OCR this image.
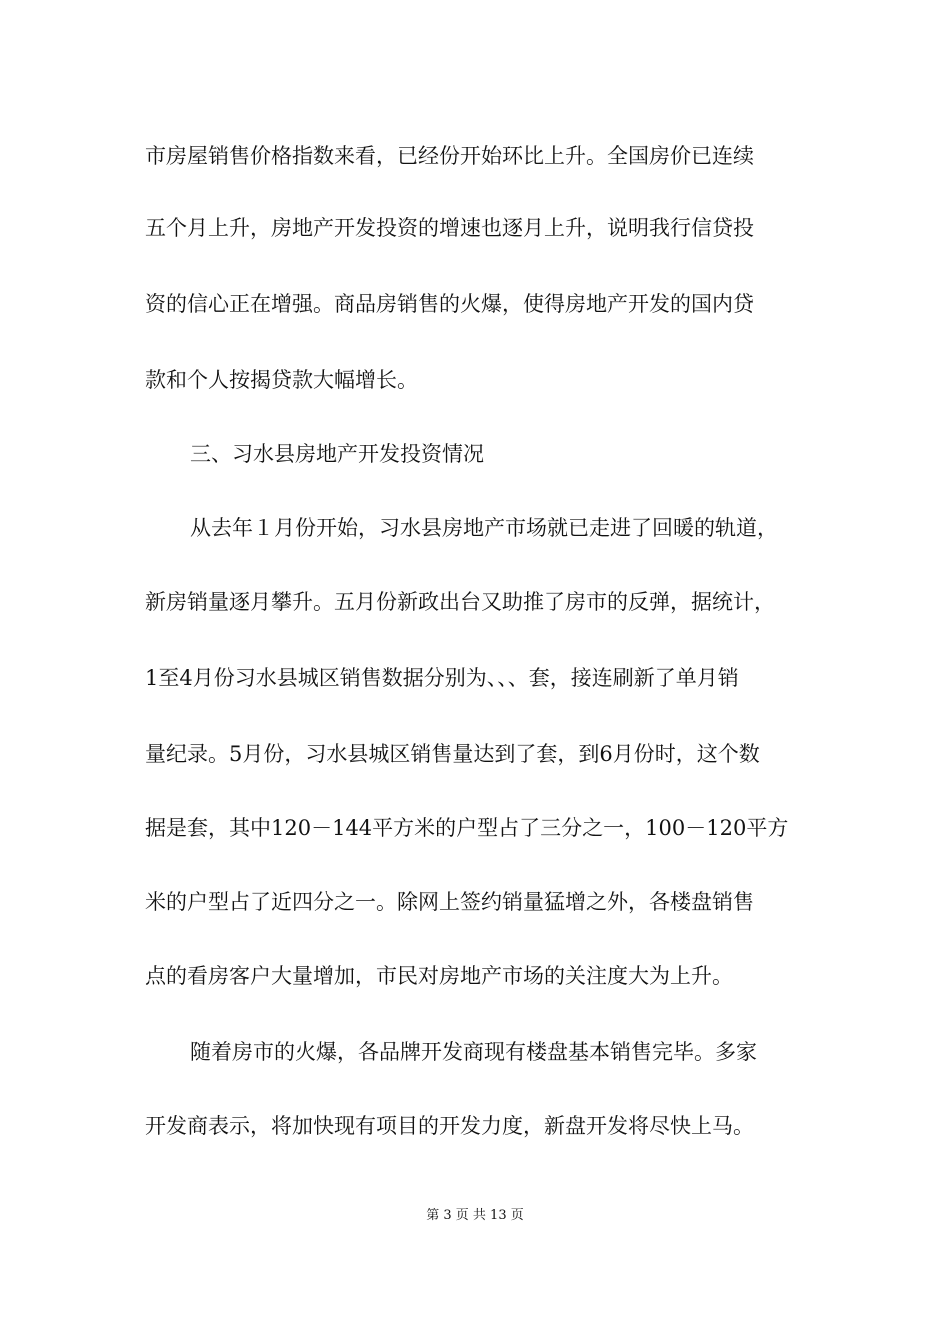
市房屋销售价格指数来看，已经份开始环比上升。全国房价已连续
五个月上升，房地产开发投资的增速也逐月上升，说明我行信贷投
资的信心正在增强。商品房销售的火爆，使得房地产开发的国内贷
款和个人按揭贷款大幅增长。
三、习水县房地产开发投资情况
从去年１月份开始，习水县房地产市场就已走进了回暖的轨道，
新房销量逐月攀升。五月份新政出台又助推了房市的反弹，据统计，
1至4月份习水县城区销售数据分别为、、、套，接连刷新了单月销
量纪录。5月份，习水县城区销售量达到了套，到6月份时，这个数
据是套，其中120－144平方米的户型占了三分之一，100－120平方
米的户型占了近四分之一。除网上签约销量猛增之外，各楼盘销售
点的看房客户大量增加，市民对房地产市场的关注度大为上升。
随着房市的火爆，各品牌开发商现有楼盘基本销售完毕。多家
开发商表示，将加快现有项目的开发力度，新盘开发将尽快上马。
第 3 页 共 13 页
